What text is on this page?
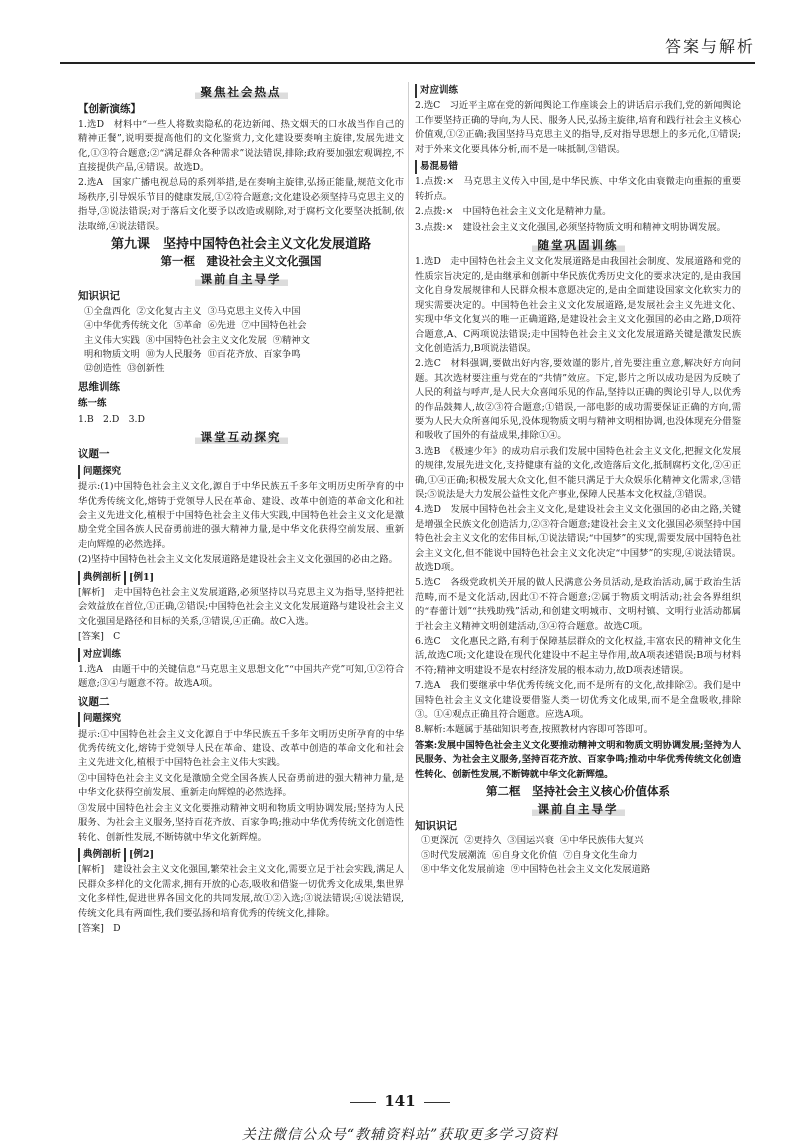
答案与解析
聚焦社会热点
【创新演练】

1.选D　材料中“一些人将数卖隐私的花边新闻、热文烟天的口水战当作自己的精神正餐”,说明要提高他们的文化鉴赏力,文化建设要奏响主旋律,发展先进文化,①③符合题意;②“满足群众各种需求”说法错误,排除;政府要加强宏观调控,不直接提供产品,④错误。故选D。

2.选A　国家广播电视总局的系列举措,是在奏响主旋律,弘扬正能量,规范文化市场秩序,引导娱乐节目的健康发展,①②符合题意;文化建设必须坚持马克思主义的指导,③说法错误;对于落后文化要予以改造或剔除,对于腐朽文化要坚决抵制,依法取缔,④说法错误。

第九课　坚持中国特色社会主义文化发展道路
第一框　建设社会主义文化强国
课前自主导学
知识识记
①全盘西化 ②文化复古主义 ③马克思主义传入中国
④中华优秀传统文化 ⑤革命 ⑥先进 ⑦中国特色社会
主义伟大实践 ⑧中国特色社会主义文化发展 ⑨精神文
明和物质文明 ⑩为人民服务 ⑪百花齐放、百家争鸣
⑫创造性 ⑬创新性
思维训练
练一练

1.B　2.D　3.D

课堂互动探究
议题一
问题探究

提示:(1)中国特色社会主义文化,源自于中华民族五千多年文明历史所孕育的中华优秀传统文化,熔铸于党领导人民在革命、建设、改革中创造的革命文化和社会主义先进文化,植根于中国特色社会主义伟大实践,中国特色社会主义文化是激励全党全国各族人民奋勇前进的强大精神力量,是中华文化获得空前发展、重新走向辉煌的必然选择。

(2)坚持中国特色社会主义文化发展道路是建设社会主义文化强国的必由之路。

典例剖析 [例1]

[解析]　走中国特色社会主义发展道路,必须坚持以马克思主义为指导,坚持把社会效益放在首位,①正确,②错误;中国特色社会主义文化发展道路与建设社会主义文化强国是路径和目标的关系,③错误,④正确。故C入选。

[答案]　C

对应训练

1.选A　由题干中的关键信息“马克思主义思想文化”“中国共产党”可知,①②符合题意;③④与题意不符。故选A项。

议题二
问题探究

提示:①中国特色社会主义文化源自于中华民族五千多年文明历史所孕育的中华优秀传统文化,熔铸于党领导人民在革命、建设、改革中创造的革命文化和社会主义先进文化,植根于中国特色社会主义伟大实践。

②中国特色社会主义文化是激励全党全国各族人民奋勇前进的强大精神力量,是中华文化获得空前发展、重新走向辉煌的必然选择。

③发展中国特色社会主义文化要推动精神文明和物质文明协调发展;坚持为人民服务、为社会主义服务,坚持百花齐放、百家争鸣;推动中华优秀传统文化创造性转化、创新性发展,不断铸就中华文化新辉煌。

典例剖析 [例2]

[解析]　建设社会主义文化强国,繁荣社会主义文化,需要立足于社会实践,满足人民群众多样化的文化需求,拥有开放的心态,吸收和借鉴一切优秀文化成果,集世界文化多样性,促进世界各国文化的共同发展,故①②入选;③说法错误;④说法错误,传统文化具有两面性,我们要弘扬和培育优秀的传统文化,排除。

[答案]　D

对应训练

2.选C　习近平主席在党的新闻舆论工作座谈会上的讲话启示我们,党的新闻舆论工作要坚持正确的导向,为人民、服务人民,弘扬主旋律,培育和践行社会主义核心价值观,①②正确;我国坚持马克思主义的指导,反对指导思想上的多元化,①错误;对于外来文化要具体分析,而不是一味抵制,③错误。

易混易错

1.点拨:×　马克思主义传入中国,是中华民族、中华文化由衰微走向重振的重要转折点。

2.点拨:×　中国特色社会主义文化是精神力量。

3.点拨:×　建设社会主义文化强国,必须坚持物质文明和精神文明协调发展。

随堂巩固训练

1.选D　走中国特色社会主义文化发展道路是由我国社会制度、发展道路和党的性质宗旨决定的,是由继承和创新中华民族优秀历史文化的要求决定的,是由我国文化自身发展规律和人民群众根本意愿决定的,是由全面建设国家文化软实力的现实需要决定的。中国特色社会主义文化发展道路,是发展社会主义先进文化、实现中华文化复兴的唯一正确道路,是建设社会主义文化强国的必由之路,D项符合题意,A、C两项说法错误;走中国特色社会主义文化发展道路关键是激发民族文化创造活力,B项说法错误。

2.选C　材料强调,要做出好内容,要效谨的影片,首先要注重立意,解决好方向问题。其次选材要注重与党在的“共情”效应。下定,影片之所以成功是因为反映了人民的利益与呼声,是人民大众喜闻乐见的作品,坚持以正确的舆论引导人,以优秀的作品鼓舞人,故②③符合题意;①错误,一部电影的成功需要保证正确的方向,需要为人民大众所喜闻乐见,没体现物质文明与精神文明相协调,也没体现充分借鉴和吸收了国外的有益成果,排除①④。

3.选B　《极速少年》的成功启示我们发展中国特色社会主义文化,把握文化发展的规律,发展先进文化,支持健康有益的文化,改造落后文化,抵制腐朽文化,②④正确,①④正确;积极发展大众文化,但不能只满足于大众娱乐化精神文化需求,③错误;⑤说法是大力发展公益性文化产事业,保障人民基本文化权益,③错误。

4.选D　发展中国特色社会主义文化,是建设社会主义文化强国的必由之路,关键是增强全民族文化创造活力,②③符合题意;建设社会主义文化强国必须坚持中国特色社会主义文化的宏伟目标,①说法错误;“中国梦”的实现,需要发展中国特色社会主义文化,但不能说中国特色社会主义文化决定“中国梦”的实现,④说法错误。故选D项。

5.选C　各级党政机关开展的做人民满意公务员活动,是政治活动,属于政治生活范畴,而不是文化活动,因此①不符合题意;②属于物质文明活动;社会各界组织的“春蕾计划”“扶残助残”活动,和创建文明城市、文明村镇、文明行业活动都属于社会主义精神文明创建活动,③④符合题意。故选C项。

6.选C　文化惠民之路,有利于保障基层群众的文化权益,丰富农民的精神文化生活,故选C项;文化建设在现代化建设中不起主导作用,故A项表述错误;B项与材料不符;精神文明建设不是农村经济发展的根本动力,故D项表述错误。

7.选A　我们要继承中华优秀传统文化,而不是所有的文化,故排除②。我们是中国特色社会主义文化建设要借鉴人类一切优秀文化成果,而不是全盘吸收,排除③。①④观点正确且符合题意。应选A项。

8.解析:本题属于基础知识考查,按照教材内容即可答即可。

答案:发展中国特色社会主义文化要推动精神文明和物质文明协调发展;坚持为人民服务、为社会主义服务,坚持百花齐放、百家争鸣;推动中华优秀传统文化创造性转化、创新性发展,不断铸就中华文化新辉煌。

第二框　坚持社会主义核心价值体系
课前自主导学
知识识记
①更深沉 ②更持久 ③国运兴衰 ④中华民族伟大复兴
⑤时代发展潮流 ⑥自身文化价值 ⑦自身文化生命力
⑧中华文化发展前途 ⑨中国特色社会主义文化发展道路
141
关注微信公众号“教辅资料站”获取更多学习资料
